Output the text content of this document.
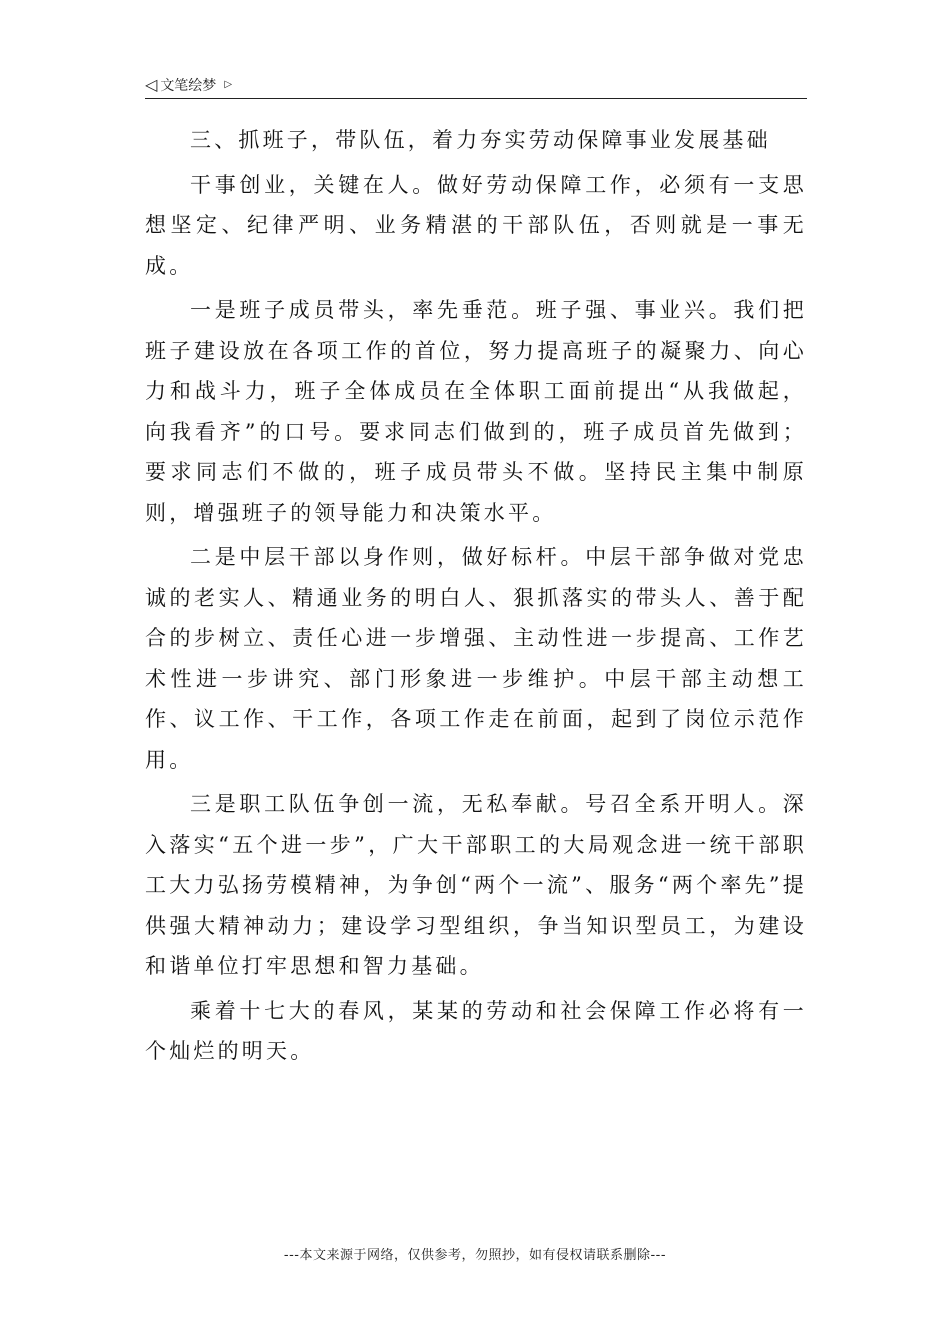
◁ 文笔绘梦 ▷

三、抓班子，带队伍，着力夯实劳动保障事业发展基础

干事创业，关键在人。做好劳动保障工作，必须有一支思想坚定、纪律严明、业务精湛的干部队伍，否则就是一事无成。

一是班子成员带头，率先垂范。班子强、事业兴。我们把班子建设放在各项工作的首位，努力提高班子的凝聚力、向心力和战斗力，班子全体成员在全体职工面前提出“从我做起，向我看齐”的口号。要求同志们做到的，班子成员首先做到；要求同志们不做的，班子成员带头不做。坚持民主集中制原则，增强班子的领导能力和决策水平。

二是中层干部以身作则，做好标杆。中层干部争做对党忠诚的老实人、精通业务的明白人、狠抓落实的带头人、善于配合的步树立、责任心进一步增强、主动性进一步提高、工作艺术性进一步讲究、部门形象进一步维护。中层干部主动想工作、议工作、干工作，各项工作走在前面，起到了岗位示范作用。

三是职工队伍争创一流，无私奉献。号召全系开明人。深入落实“五个进一步”，广大干部职工的大局观念进一统干部职工大力弘扬劳模精神，为争创“两个一流”、服务“两个率先”提供强大精神动力；建设学习型组织，争当知识型员工，为建设和谐单位打牢思想和智力基础。

乘着十七大的春风，某某的劳动和社会保障工作必将有一个灿烂的明天。

---本文来源于网络，仅供参考，勿照抄，如有侵权请联系删除---
